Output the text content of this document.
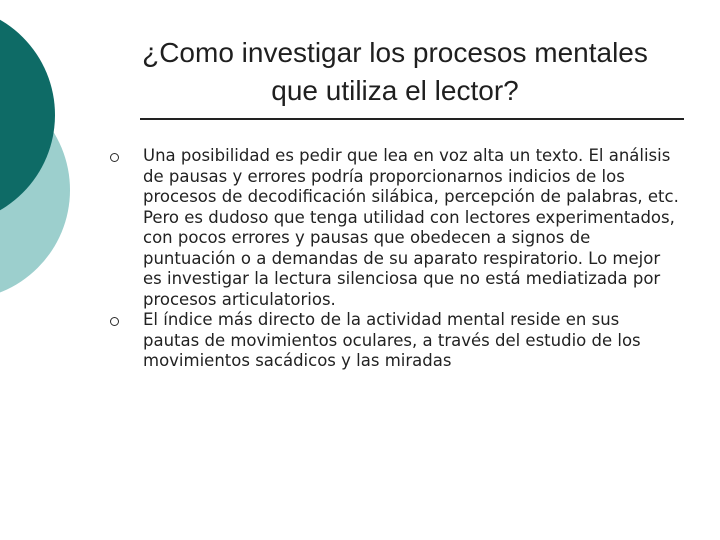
¿Como investigar los procesos mentales que utiliza el lector?
Una posibilidad es pedir que lea en voz alta un texto. El análisis de pausas y errores podría proporcionarnos indicios de los procesos de decodificación silábica, percepción de palabras, etc. Pero es dudoso que tenga utilidad con lectores experimentados, con pocos errores y pausas que obedecen a signos de puntuación o a demandas de su aparato respiratorio. Lo mejor es investigar la lectura silenciosa que no está mediatizada por procesos articulatorios.
El índice más directo de la actividad mental reside en sus pautas de movimientos oculares, a través del estudio de los movimientos sacádicos y las miradas
